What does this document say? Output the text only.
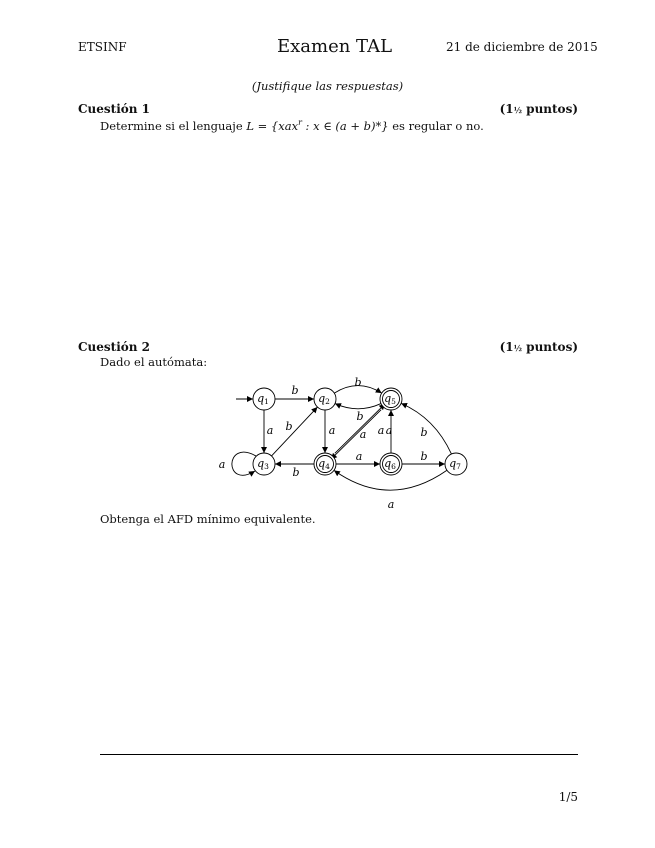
ETSINF	Examen TAL	21 de diciembre de 2015
(Justifique las respuestas)
Cuestión 1	(1½ puntos)
Determine si el lenguaje L = {xax$^r$ : x ∈ (a + b)*} es regular o no.
Cuestión 2	(1½ puntos)
Dado el autómata:
b
a
b
b
a
b
a
b
a a
a
a
b
b
a
q1	q2	q5
q3	q4	q6	q7
Obtenga el AFD mínimo equivalente.
1/5
